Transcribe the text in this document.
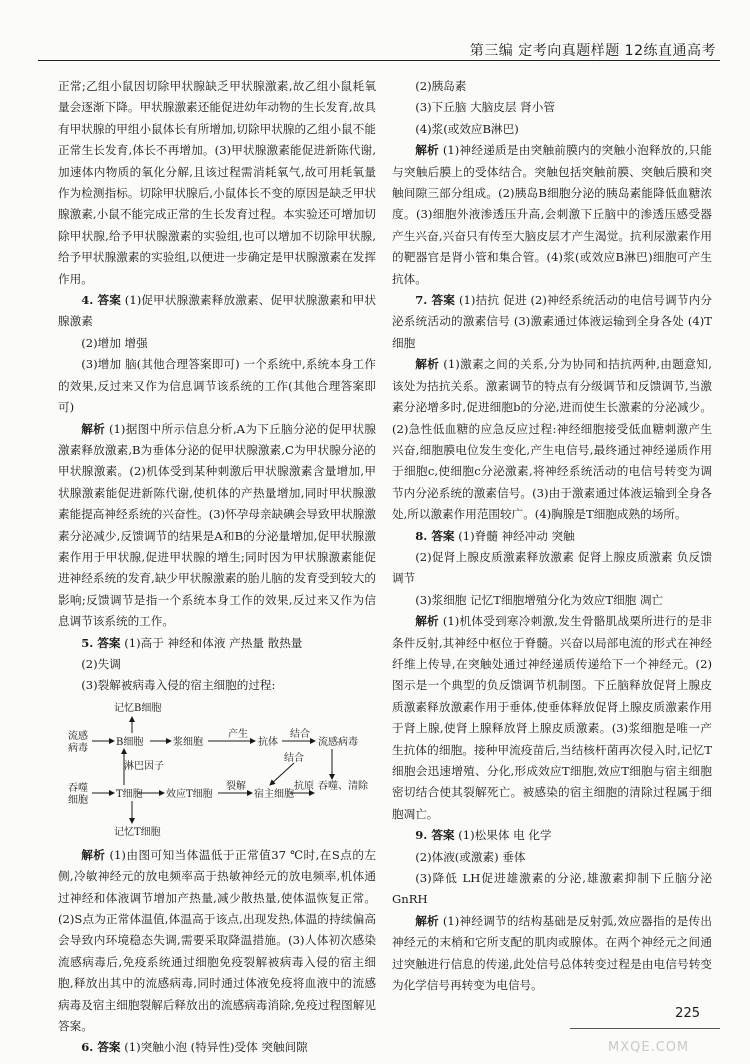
第三编 定考向真题样题 12练直通高考

正常;乙组小鼠因切除甲状腺缺乏甲状腺激素,故乙组小鼠耗氧量会逐渐下降。甲状腺激素还能促进幼年动物的生长发育,故具有甲状腺的甲组小鼠体长有所增加,切除甲状腺的乙组小鼠不能正常生长发育,体长不再增加。(3)甲状腺激素能促进新陈代谢,加速体内物质的氧化分解,且该过程需消耗氧气,故可用耗氧量作为检测指标。切除甲状腺后,小鼠体长不变的原因是缺乏甲状腺激素,小鼠不能完成正常的生长发育过程。本实验还可增加切除甲状腺,给予甲状腺激素的实验组,也可以增加不切除甲状腺,给予甲状腺激素的实验组,以便进一步确定是甲状腺激素在发挥作用。

4. 答案 (1)促甲状腺激素释放激素、促甲状腺激素和甲状腺激素

(2)增加 增强

(3)增加 脑(其他合理答案即可) 一个系统中,系统本身工作的效果,反过来又作为信息调节该系统的工作(其他合理答案即可)

解析 (1)据图中所示信息分析,A为下丘脑分泌的促甲状腺激素释放激素,B为垂体分泌的促甲状腺激素,C为甲状腺分泌的甲状腺激素。(2)机体受到某种刺激后甲状腺激素含量增加,甲状腺激素能促进新陈代谢,使机体的产热量增加,同时甲状腺激素能提高神经系统的兴奋性。(3)怀孕母亲缺碘会导致甲状腺激素分泌减少,反馈调节的结果是A和B的分泌量增加,促甲状腺激素作用于甲状腺,促进甲状腺的增生;同时因为甲状腺激素能促进神经系统的发育,缺少甲状腺激素的胎儿脑的发育受到较大的影响;反馈调节是指一个系统本身工作的效果,反过来又作为信息调节该系统的工作。

5. 答案 (1)高于 神经和体液 产热量 散热量

(2)失调

(3)裂解被病毒入侵的宿主细胞的过程:

记忆B细胞
流感
病毒
B细胞	浆细胞
产生
抗体
结合
流感病毒
结合
淋巴因子
吞噬
细胞
T细胞 效应T细胞
裂解
宿主细胞
抗原 吞噬、清除
记忆T细胞

解析 (1)由图可知当体温低于正常值37 ℃时,在S点的左侧,冷敏神经元的放电频率高于热敏神经元的放电频率,机体通过神经和体液调节增加产热量,减少散热量,使体温恢复正常。(2)S点为正常体温值,体温高于该点,出现发热,体温的持续偏高会导致内环境稳态失调,需要采取降温措施。(3)人体初次感染流感病毒后,免疫系统通过细胞免疫裂解被病毒入侵的宿主细胞,释放出其中的流感病毒,同时通过体液免疫将血液中的流感病毒及宿主细胞裂解后释放出的流感病毒消除,免疫过程图解见答案。

6. 答案 (1)突触小泡 (特异性)受体 突触间隙

(2)胰岛素

(3)下丘脑 大脑皮层 肾小管

(4)浆(或效应B淋巴)

解析 (1)神经递质是由突触前膜内的突触小泡释放的,只能与突触后膜上的受体结合。突触包括突触前膜、突触后膜和突触间隙三部分组成。(2)胰岛B细胞分泌的胰岛素能降低血糖浓度。(3)细胞外液渗透压升高,会刺激下丘脑中的渗透压感受器产生兴奋,兴奋只有传至大脑皮层才产生渴觉。抗利尿激素作用的靶器官是肾小管和集合管。(4)浆(或效应B淋巴)细胞可产生抗体。

7. 答案 (1)拮抗 促进 (2)神经系统活动的电信号调节内分泌系统活动的激素信号 (3)激素通过体液运输到全身各处 (4)T细胞

解析 (1)激素之间的关系,分为协同和拮抗两种,由题意知,该处为拮抗关系。激素调节的特点有分级调节和反馈调节,当激素分泌增多时,促进细胞b的分泌,进而使生长激素的分泌减少。(2)急性低血糖的应急反应过程:神经细胞接受低血糖刺激产生兴奋,细胞膜电位发生变化,产生电信号,最终通过神经递质作用于细胞c,使细胞c分泌激素,将神经系统活动的电信号转变为调节内分泌系统的激素信号。(3)由于激素通过体液运输到全身各处,所以激素作用范围较广。(4)胸腺是T细胞成熟的场所。

8. 答案 (1)脊髓 神经冲动 突触

(2)促肾上腺皮质激素释放激素 促肾上腺皮质激素 负反馈调节

(3)浆细胞 记忆T细胞增殖分化为效应T细胞 凋亡

解析 (1)机体受到寒冷刺激,发生骨骼肌战栗所进行的是非条件反射,其神经中枢位于脊髓。兴奋以局部电流的形式在神经纤维上传导,在突触处通过神经递质传递给下一个神经元。(2)图示是一个典型的负反馈调节机制图。下丘脑释放促肾上腺皮质激素释放激素作用于垂体,使垂体释放促肾上腺皮质激素作用于肾上腺,使肾上腺释放肾上腺皮质激素。(3)浆细胞是唯一产生抗体的细胞。接种甲流疫苗后,当结核杆菌再次侵入时,记忆T细胞会迅速增殖、分化,形成效应T细胞,效应T细胞与宿主细胞密切结合使其裂解死亡。被感染的宿主细胞的清除过程属于细胞凋亡。

9. 答案 (1)松果体 电 化学

(2)体液(或激素) 垂体

(3)降低 LH促进雄激素的分泌,雄激素抑制下丘脑分泌GnRH

解析 (1)神经调节的结构基础是反射弧,效应器指的是传出神经元的末梢和它所支配的肌肉或腺体。在两个神经元之间通过突触进行信息的传递,此处信号总体转变过程是由电信号转变为化学信号再转变为电信号。

225
MXQE.COM
